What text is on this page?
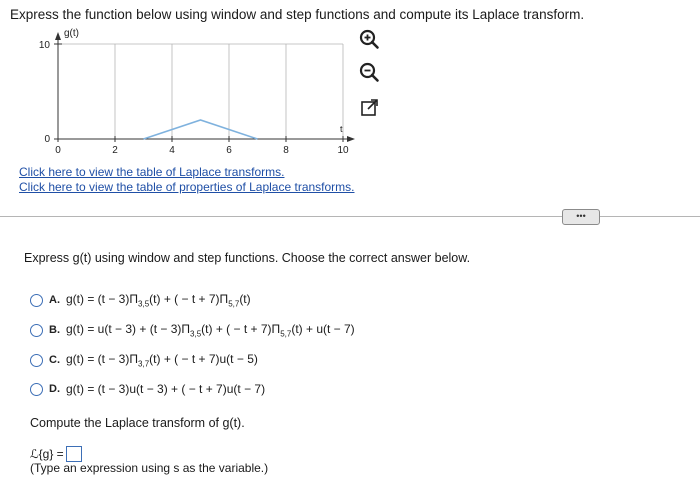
Express the function below using window and step functions and compute its Laplace transform.
g(t)
t
10
0
0	2	4	6	8	10
Click here to view the table of Laplace transforms.
Click here to view the table of properties of Laplace transforms.
•••
Express g(t) using window and step functions. Choose the correct answer below.
A. $g(t) = (t - 3)\Pi_{3,5}(t)$ + ( − $t + 7)\Pi_{5,7}(t)$
B. $g(t) = u(t - 3) + (t - 3)\Pi_{3,5}(t)$ + ( − $t + 7)\Pi_{5,7}(t) + u(t - 7)$
C. $g(t) = (t - 3)\Pi_{3,7}(t)$ + ( − t + 7)u(t − 5)
D. g(t) = (t − 3)u(t − 3) + ( − t + 7)u(t − 7)
Compute the Laplace transform of g(t).
ℒ{g} =
(Type an expression using s as the variable.)
